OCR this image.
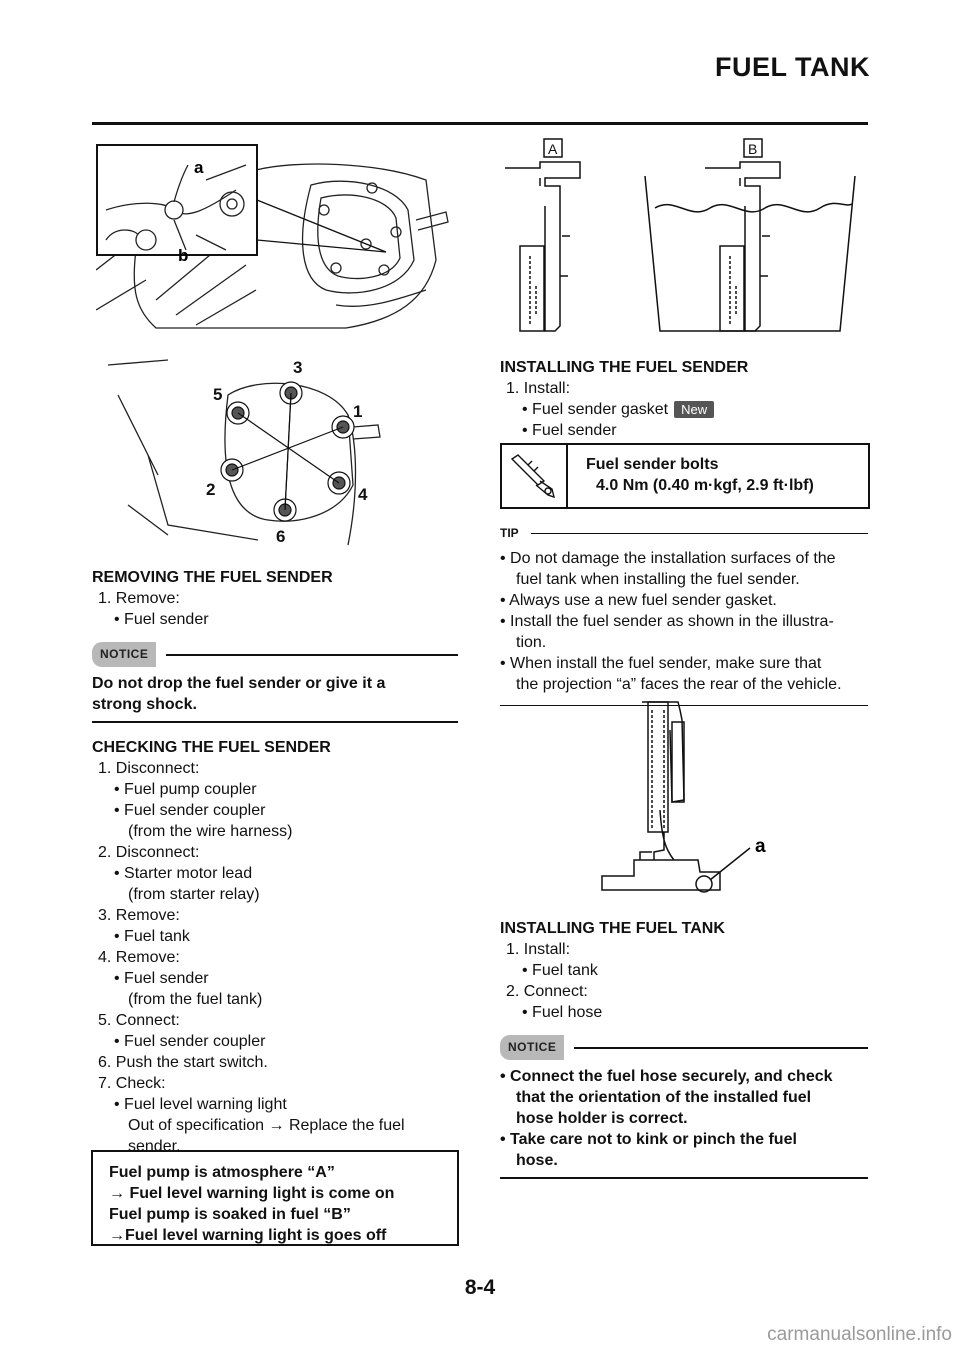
FUEL TANK
a
b
1
2
3
4
5
6
A	B
REMOVING THE FUEL SENDER
1. Remove:
• Fuel sender
NOTICE
Do not drop the fuel sender or give it a
strong shock.
CHECKING THE FUEL SENDER
1. Disconnect:
• Fuel pump coupler
• Fuel sender coupler
(from the wire harness)
2. Disconnect:
• Starter motor lead
(from starter relay)
3. Remove:
• Fuel tank
4. Remove:
• Fuel sender
(from the fuel tank)
5. Connect:
• Fuel sender coupler
6. Push the start switch.
7. Check:
• Fuel level warning light
Out of specification → Replace the fuel
sender.
Fuel pump is atmosphere “A”
→ Fuel level warning light is come on
Fuel pump is soaked in fuel “B”
→Fuel level warning light is goes off
INSTALLING THE FUEL SENDER
1. Install:
• Fuel sender gasket New
• Fuel sender
Fuel sender bolts
4.0 Nm (0.40 m·kgf, 2.9 ft·lbf)
TIP
• Do not damage the installation surfaces of the
fuel tank when installing the fuel sender.
• Always use a new fuel sender gasket.
• Install the fuel sender as shown in the illustra-
tion.
• When install the fuel sender, make sure that
the projection “a” faces the rear of the vehicle.
a
INSTALLING THE FUEL TANK
1. Install:
• Fuel tank
2. Connect:
• Fuel hose
NOTICE
• Connect the fuel hose securely, and check
that the orientation of the installed fuel
hose holder is correct.
• Take care not to kink or pinch the fuel
hose.
8-4
carmanualsonline.info
